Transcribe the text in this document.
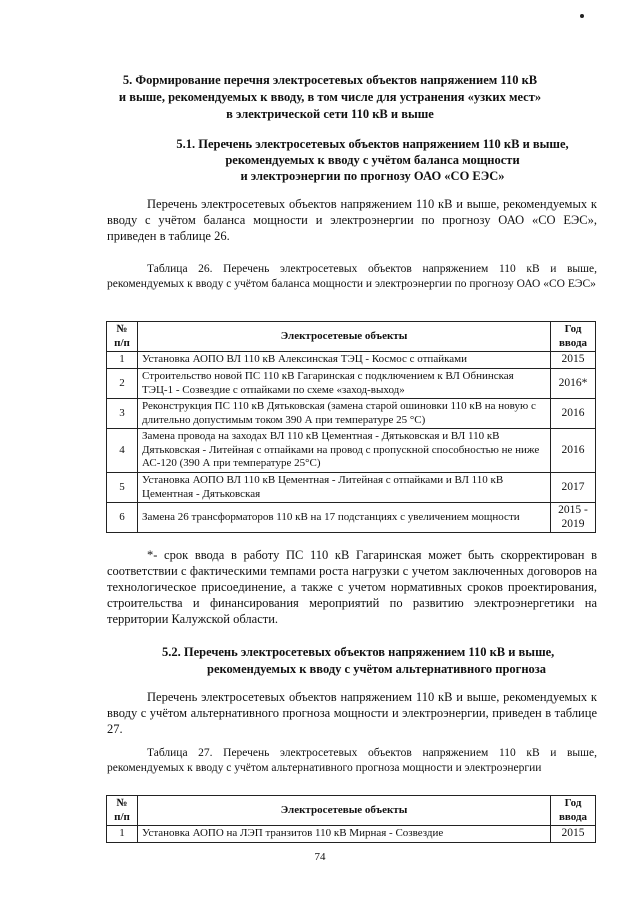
5. Формирование перечня электросетевых объектов напряжением 110 кВ
и выше, рекомендуемых к вводу, в том числе для устранения «узких мест»
в электрической сети 110 кВ и выше
5.1. Перечень электросетевых объектов напряжением 110 кВ и выше,
рекомендуемых к вводу с учётом баланса мощности
и электроэнергии по прогнозу ОАО «СО ЕЭС»
Перечень электросетевых объектов напряжением 110 кВ и выше, рекомендуемых к вводу с учётом баланса мощности и электроэнергии по прогнозу ОАО «СО ЕЭС», приведен в таблице 26.
Таблица 26. Перечень электросетевых объектов напряжением 110 кВ и выше, рекомендуемых к вводу с учётом баланса мощности и электроэнергии по прогнозу ОАО «СО ЕЭС»
№ п/п	Электросетевые объекты	Год ввода
1	Установка АОПО ВЛ 110 кВ Алексинская ТЭЦ - Космос с отпайками	2015
2	Строительство новой ПС 110 кВ Гагаринская с подключением к ВЛ Обнинская ТЭЦ-1 - Созвездие с отпайками по схеме «заход-выход»	2016*
3	Реконструкция ПС 110 кВ Дятьковская (замена старой ошиновки 110 кВ на новую с длительно допустимым током 390 А при температуре 25 °С)	2016
4	Замена провода на заходах ВЛ 110 кВ Цементная - Дятьковская и ВЛ 110 кВ Дятьковская - Литейная с отпайками на провод с пропускной способностью не ниже АС-120 (390 А при температуре 25°С)	2016
5	Установка АОПО ВЛ 110 кВ Цементная - Литейная с отпайками и ВЛ 110 кВ Цементная - Дятьковская	2017
6	Замена 26 трансформаторов 110 кВ на 17 подстанциях с увеличением мощности	2015 - 2019
*- срок ввода в работу ПС 110 кВ Гагаринская может быть скорректирован в соответствии с фактическими темпами роста нагрузки с учетом заключенных договоров на технологическое присоединение, а также с учетом нормативных сроков проектирования, строительства и финансирования мероприятий по развитию электроэнергетики на территории Калужской области.
5.2. Перечень электросетевых объектов напряжением 110 кВ и выше,
рекомендуемых к вводу с учётом альтернативного прогноза
Перечень электросетевых объектов напряжением 110 кВ и выше, рекомендуемых к вводу с учётом альтернативного прогноза мощности и электроэнергии, приведен в таблице 27.
Таблица 27. Перечень электросетевых объектов напряжением 110 кВ и выше, рекомендуемых к вводу с учётом альтернативного прогноза мощности и электроэнергии
№ п/п	Электросетевые объекты	Год ввода
1	Установка АОПО на ЛЭП транзитов 110 кВ Мирная - Созвездие	2015
74
